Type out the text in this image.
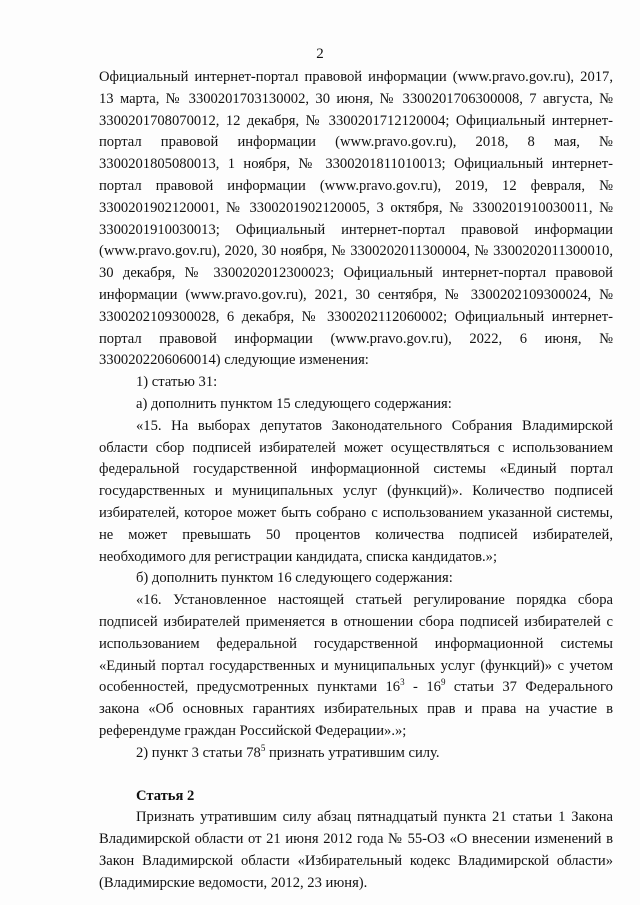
2

Официальный интернет-портал правовой информации (www.pravo.gov.ru), 2017, 13 марта, № 3300201703130002, 30 июня, № 3300201706300008, 7 августа, № 3300201708070012, 12 декабря, № 3300201712120004; Официальный интернет-портал правовой информации (www.pravo.gov.ru), 2018, 8 мая, № 3300201805080013, 1 ноября, № 3300201811010013; Официальный интернет-портал правовой информации (www.pravo.gov.ru), 2019, 12 февраля, № 3300201902120001, № 3300201902120005, 3 октября, № 3300201910030011, № 3300201910030013; Официальный интернет-портал правовой информации (www.pravo.gov.ru), 2020, 30 ноября, № 3300202011300004, № 3300202011300010, 30 декабря, № 3300202012300023; Официальный интернет-портал правовой информации (www.pravo.gov.ru), 2021, 30 сентября, № 3300202109300024, № 3300202109300028, 6 декабря, № 3300202112060002; Официальный интернет-портал правовой информации (www.pravo.gov.ru), 2022, 6 июня, № 3300202206060014) следующие изменения:

1) статью 31:

а) дополнить пунктом 15 следующего содержания:

«15. На выборах депутатов Законодательного Собрания Владимирской области сбор подписей избирателей может осуществляться с использованием федеральной государственной информационной системы «Единый портал государственных и муниципальных услуг (функций)». Количество подписей избирателей, которое может быть собрано с использованием указанной системы, не может превышать 50 процентов количества подписей избирателей, необходимого для регистрации кандидата, списка кандидатов.»;

б) дополнить пунктом 16 следующего содержания:

«16. Установленное настоящей статьей регулирование порядка сбора подписей избирателей применяется в отношении сбора подписей избирателей с использованием федеральной государственной информационной системы «Единый портал государственных и муниципальных услуг (функций)» с учетом особенностей, предусмотренных пунктами $16^3 - 16^9$ статьи 37 Федерального закона «Об основных гарантиях избирательных прав и права на участие в референдуме граждан Российской Федерации».»;

2) пункт 3 статьи $78^5$ признать утратившим силу.

Статья 2

Признать утратившим силу абзац пятнадцатый пункта 21 статьи 1 Закона Владимирской области от 21 июня 2012 года № 55-ОЗ «О внесении изменений в Закон Владимирской области «Избирательный кодекс Владимирской области» (Владимирские ведомости, 2012, 23 июня).
